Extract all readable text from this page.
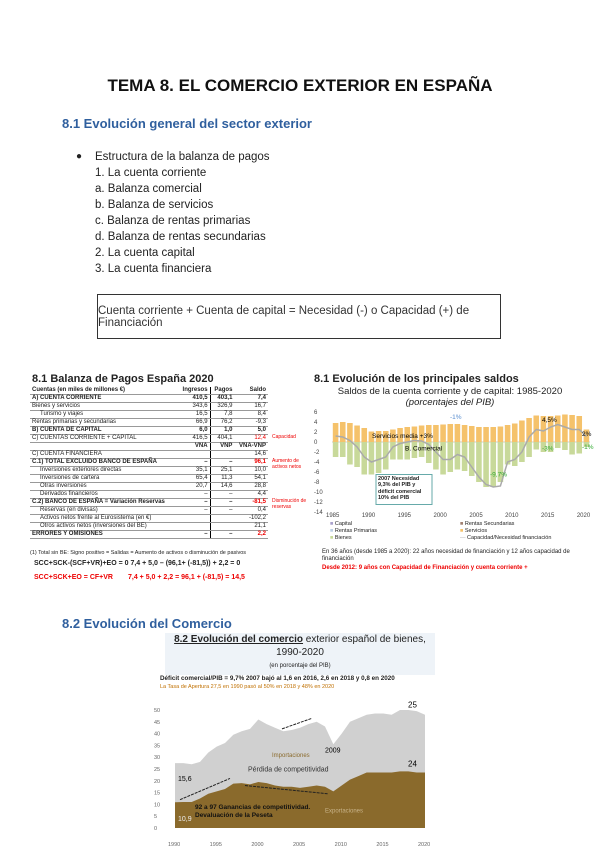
TEMA 8. EL COMERCIO EXTERIOR EN ESPAÑA
8.1 Evolución general del sector exterior
● Estructura de la balanza de pagos
1. La cuenta corriente
a. Balanza comercial
b. Balanza de servicios
c. Balanza de rentas primarias
d. Balanza de rentas secundarias
2. La cuenta capital
3. La cuenta financiera
Cuenta corriente + Cuenta de capital = Necesidad (-) o Capacidad (+) de Financiación
8.1 Balanza de Pagos España 2020
Cuentas (en miles de millones €)	Ingresos	Pagos	Saldo
A) CUENTA CORRIENTE	410,5	403,1	7,4
Bienes y servicios	343,6	326,9	16,7
Turismo y viajes	16,5	7,8	8,4
Rentas primarias y secundarias	66,9	76,2	-9,3
B) CUENTA DE CAPITAL	6,0	1,0	5,0
C) CUENTAS CORRIENTE + CAPITAL	416,5	404,1	12,4 Capacidad

	VNA	VNP	VNA-VNP
C) CUENTA FINANCIERA			14,6
C.1) TOTAL EXCLUIDO BANCO DE ESPAÑA	–	–	96,1 Aumento de activos netos

Inversiones exteriores directas	35,1	25,1	10,0
Inversiones de cartera	65,4	11,3	54,1
Otras inversiones	20,7	14,6	28,8
Derivados financieros	–	–	4,4
C.2) BANCO DE ESPAÑA = Variación Reservas	–	–	-81,5 Disminución de reservas

Reservas (en divisas)	–	–	0,4
Activos netos frente al Eurosistema (en €)			-102,2
Otros activos netos (inversiones del BE)			21,1
ERRORES Y OMISIONES	–	–	2,2
(1) Total sin BE: Signo positivo = Salidas = Aumento de activos o disminución de pasivos
SCC+SCK-(SCF+VR)+EO = 0 7,4 + 5,0 – (96,1+ (-81,5)) + 2,2 = 0
SCC+SCK+EO = CF+VR 7,4 + 5,0 + 2,2 = 96,1 + (-81,5) = 14,5
8.1 Evolución de los principales saldos
Saldos de la cuenta corriente y de capital: 1985-2020
(porcentajes del PIB)
6
4
2
0
-2
-4
-6
-8
-10
-12
-14 1985	1990	1995	2000	2005	2010	2015	2020
Servicios media +3%
B. Comercial
-1%	4,5%
2%
-3%	-1%
-9,7%
2007 Necesidad 9,3% del PIB y déficit comercial 10% del PIB
■ Capital	■ Rentas Secundarias
■ Rentas Primarias	■ Servicios
■ Bienes	— Capacidad/Necesidad financiación
En 36 años (desde 1985 a 2020): 22 años necesidad de financiación y 12 años capacidad de financiación
Desde 2012: 9 años con Capacidad de Financiación y cuenta corriente +
8.2 Evolución del Comercio
8.2 Evolución del comercio exterior español de bienes,
1990-2020
(en porcentaje del PIB)
Déficit comercial/PIB = 9,7% 2007 bajó al 1,6 en 2016, 2,6 en 2018 y 0,8 en 2020
La Tasa de Apertura 27,5 en 1990 pasó al 50% en 2018 y 48% en 2020
50
45
40
35
30
25
20
15
10
5
0
1990	1995	2000	2005	2010	2015	2020
Importaciones
Exportaciones
25
24
2009
15,6
10,9
Pérdida de competitividad
92 a 97 Ganancias de competitividad. Devaluación de la Peseta
